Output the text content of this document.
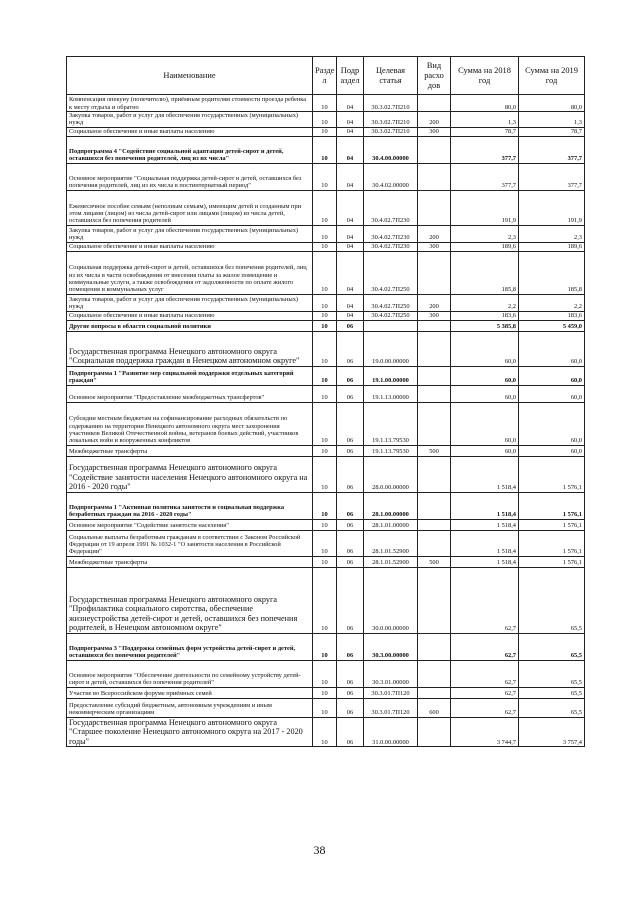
Наименование	Разде л	Подр аздел	Целевая статья	Вид расхо дов	Сумма на 2018 год	Сумма на 2019 год
Компенсация опекуну (попечителю), приёмным родителям стоимости проезда ребенка к месту отдыха и обратно	10	04	30.3.02.7П210		80,0	80,0
Закупка товаров, работ и услуг для обеспечения государственных (муниципальных) нужд	10	04	30.3.02.7П210	200	1,3	1,3
Социальное обеспечение и иные выплаты населению	10	04	30.3.02.7П210	300	78,7	78,7
Подпрограмма 4 "Содействие социальной адаптации детей-сирот и детей, оставшихся без попечения родителей, лиц из их числа"	10	04	30.4.00.00000		377,7	377,7
Основное мероприятие "Социальная поддержка детей-сирот и детей, оставшихся без попечения родителей, лиц из их числа в постинтернатный период"	10	04	30.4.02.00000		377,7	377,7
Ежемесячное пособие семьям (неполным семьям), имеющим детей и созданным при этом лицами (лицом) из числа детей-сирот или лицами (лицом) из числа детей, оставшихся без попечения родителей	10	04	30.4.02.7П230		191,9	191,9
Закупка товаров, работ и услуг для обеспечения государственных (муниципальных) нужд	10	04	30.4.02.7П230	200	2,3	2,3
Социальное обеспечение и иные выплаты населению	10	04	30.4.02.7П230	300	189,6	189,6
Социальная поддержка детей-сирот и детей, оставшихся без попечения родителей, лиц из их числа в части освобождения от внесения платы за жилое помещение и коммунальные услуги, а также освобождения от задолженности по оплате жилого помещения и коммунальных услуг	10	04	30.4.02.7П250		185,8	185,8
Закупка товаров, работ и услуг для обеспечения государственных (муниципальных) нужд	10	04	30.4.02.7П250	200	2,2	2,2
Социальное обеспечение и иные выплаты населению	10	04	30.4.02.7П250	300	183,6	183,6
Другие вопросы в области социальной политики	10	06			5 385,8	5 459,0
Государственная программа Ненецкого автономного округа "Социальная поддержка граждан в Ненецком автономном округе"	10	06	19.0.00.00000		60,0	60,0
Подпрограмма 1 "Развитие мер социальной поддержки отдельных категорий граждан"	10	06	19.1.00.00000		60,0	60,0
Основное мероприятие "Предоставление межбюджетных трансфертов"	10	06	19.1.13.00000		60,0	60,0
Субсидии местным бюджетам на софинансирование расходных обязательств по содержанию на территории Ненецкого автономного округа мест захоронения участников Великой Отечественной войны, ветеранов боевых действий, участников локальных войн и вооруженных конфликтов	10	06	19.1.13.79530		60,0	60,0
Межбюджетные трансферты	10	06	19.1.13.79530	500	60,0	60,0
Государственная программа Ненецкого автономного округа "Содействие занятости населения Ненецкого автономного округа на 2016 - 2020 годы"	10	06	28.0.00.00000		1 518,4	1 576,1
Подпрограмма 1 "Активная политика занятости и социальная поддержка безработных граждан на 2016 - 2020 годы"	10	06	28.1.00.00000		1 518,4	1 576,1
Основное мероприятие "Содействие занятости населения"	10	06	28.1.01.00000		1 518,4	1 576,1
Социальные выплаты безработным гражданам в соответствии с Законом Российской Федерации от 19 апреля 1991 № 1032-1 "О занятости населения в Российской Федерации"	10	06	28.1.01.52900		1 518,4	1 576,1
Межбюджетные трансферты	10	06	28.1.01.52900	500	1 518,4	1 576,1
Государственная программа Ненецкого автономного округа "Профилактика социального сиротства, обеспечение жизнеустройства детей-сирот и детей, оставшихся без попечения родителей, в Ненецком автономном округе"	10	06	30.0.00.00000		62,7	65,5
Подпрограмма 3 "Поддержка семейных форм устройства детей-сирот и детей, оставшихся без попечения родителей"	10	06	30.3.00.00000		62,7	65,5
Основное мероприятие "Обеспечение деятельности по семейному устройству детей-сирот и детей, оставшихся без попечения родителей"	10	06	30.3.01.00000		62,7	65,5
Участие во Всероссийском форуме приёмных семей	10	06	30.3.01.7П120		62,7	65,5
Предоставление субсидий бюджетным, автономным учреждениям и иным некоммерческим организациям	10	06	30.3.01.7П120	600	62,7	65,5
Государственная программа Ненецкого автономного округа "Старшее поколение Ненецкого автономного округа на 2017 - 2020 годы"	10	06	31.0.00.00000		3 744,7	3 757,4
38
